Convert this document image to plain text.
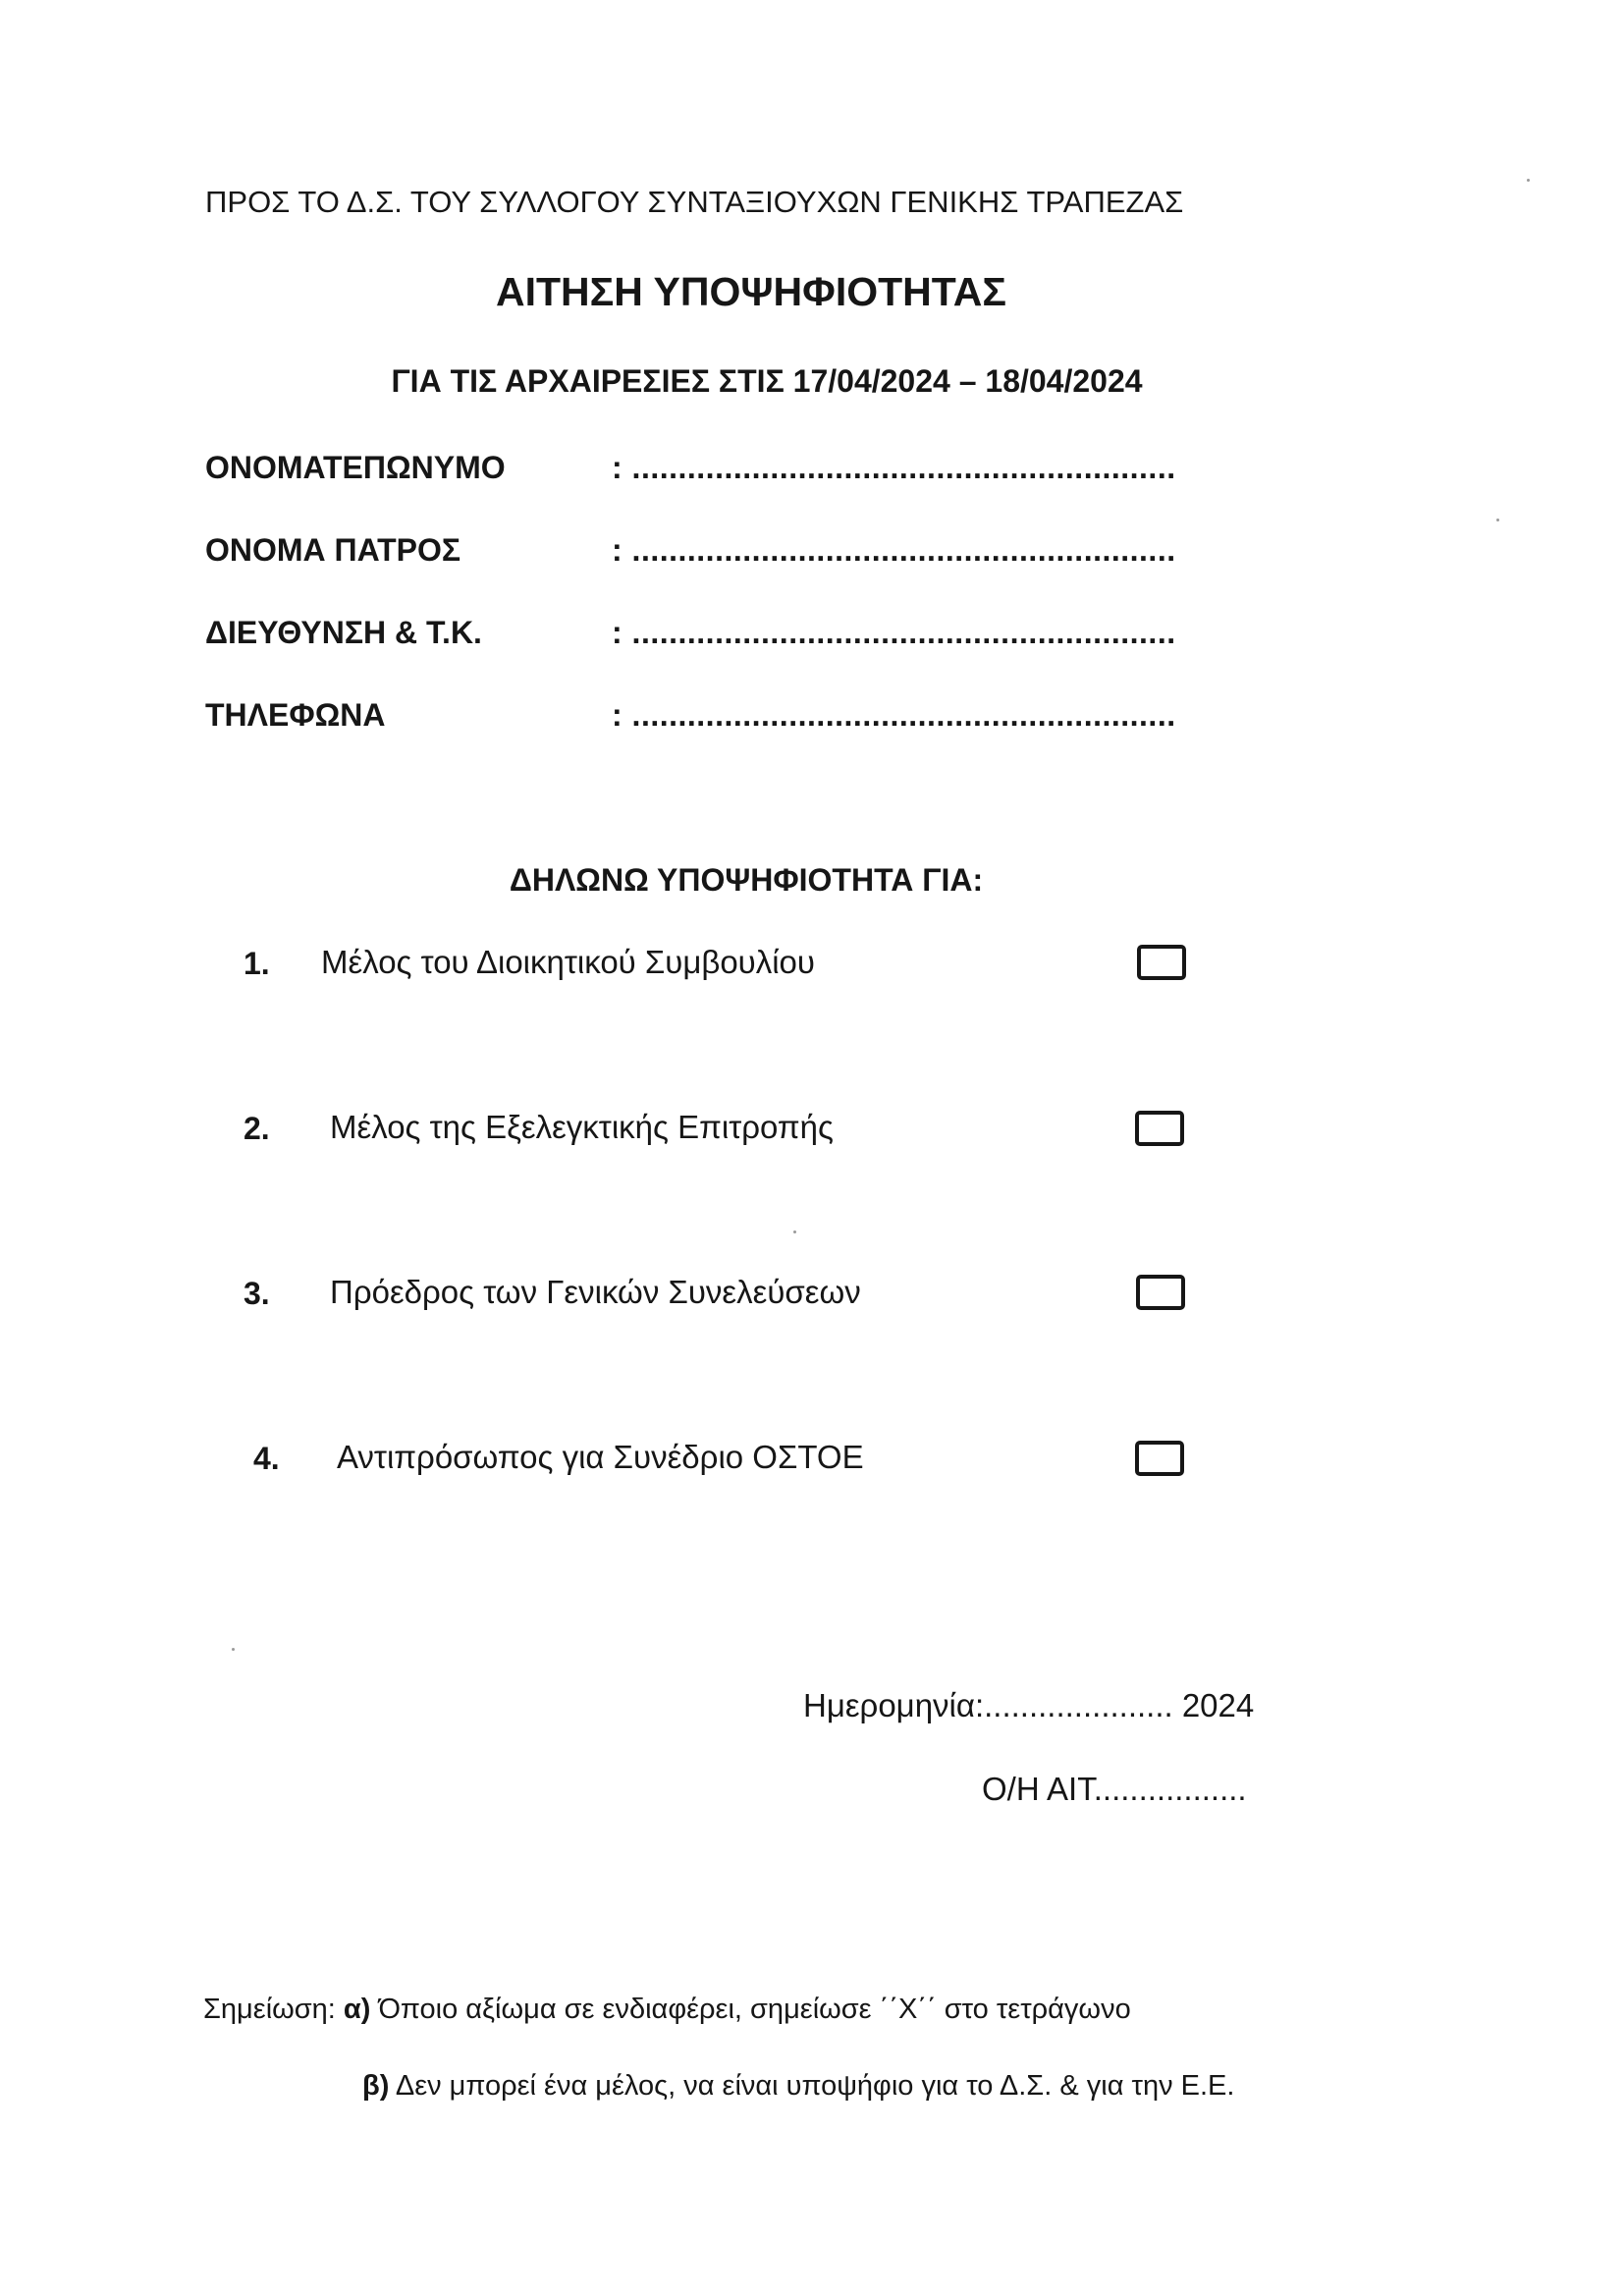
ΠΡΟΣ ΤΟ Δ.Σ. ΤΟΥ ΣΥΛΛΟΓΟΥ ΣΥΝΤΑΞΙΟΥΧΩΝ ΓΕΝΙΚΗΣ ΤΡΑΠΕΖΑΣ
ΑΙΤΗΣΗ ΥΠΟΨΗΦΙΟΤΗΤΑΣ
ΓΙΑ ΤΙΣ ΑΡΧΑΙΡΕΣΙΕΣ ΣΤΙΣ 17/04/2024 – 18/04/2024
ΟΝΟΜΑΤΕΠΩΝΥΜΟ	: ...........................................................
ΟΝΟΜΑ ΠΑΤΡΟΣ	: ...........................................................
ΔΙΕΥΘΥΝΣΗ & Τ.Κ.	: ...........................................................
ΤΗΛΕΦΩΝΑ	: ...........................................................
ΔΗΛΩΝΩ ΥΠΟΨΗΦΙΟΤΗΤΑ ΓΙΑ:
1. Μέλος του Διοικητικού Συμβουλίου
2. Μέλος της Εξελεγκτικής Επιτροπής
3. Πρόεδρος των Γενικών Συνελεύσεων
4. Αντιπρόσωπος για Συνέδριο ΟΣΤΟΕ
Ημερομηνία:..................... 2024
Ο/Η ΑΙΤ.................
Σημείωση: α) Όποιο αξίωμα σε ενδιαφέρει, σημείωσε ΄΄Χ΄΄ στο τετράγωνο
β) Δεν μπορεί ένα μέλος, να είναι υποψήφιο για το Δ.Σ. & για την Ε.Ε.
